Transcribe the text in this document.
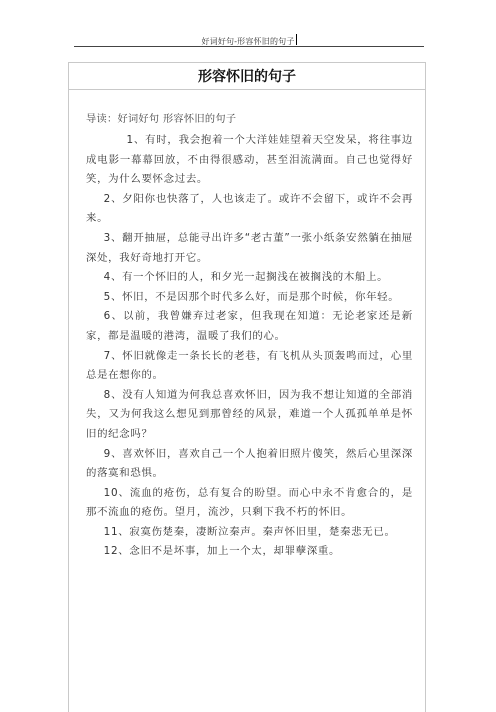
好词好句-形容怀旧的句子
形容怀旧的句子
导读：好词好句 形容怀旧的句子

1、有时，我会抱着一个大洋娃娃望着天空发呆，将往事边成电影一幕幕回放，不由得很感动，甚至泪流满面。自己也觉得好笑，为什么要怀念过去。

2、夕阳你也快落了，人也该走了。或许不会留下，或许不会再来。

3、翻开抽屉，总能寻出许多“老古董”一张小纸条安然躺在抽屉深处，我好奇地打开它。

4、有一个怀旧的人，和夕光一起搁浅在被搁浅的木船上。

5、怀旧，不是因那个时代多么好，而是那个时候，你年轻。

6、以前，我曾嫌弃过老家，但我现在知道：无论老家还是新家，都是温暖的港湾，温暖了我们的心。

7、怀旧就像走一条长长的老巷，有飞机从头顶轰鸣而过，心里总是在想你的。

8、没有人知道为何我总喜欢怀旧，因为我不想让知道的全部消失，又为何我这么想见到那曾经的风景，难道一个人孤孤单单是怀旧的纪念吗？

9、喜欢怀旧，喜欢自己一个人抱着旧照片傻笑，然后心里深深的落寞和恐惧。

10、流血的疮伤，总有复合的盼望。而心中永不肯愈合的，是那不流血的疮伤。望月，流沙，只剩下我不朽的怀旧。

11、寂寞伤楚秦，凄断泣秦声。秦声怀旧里，楚秦悲无已。

12、念旧不是坏事，加上一个太，却罪孽深重。
